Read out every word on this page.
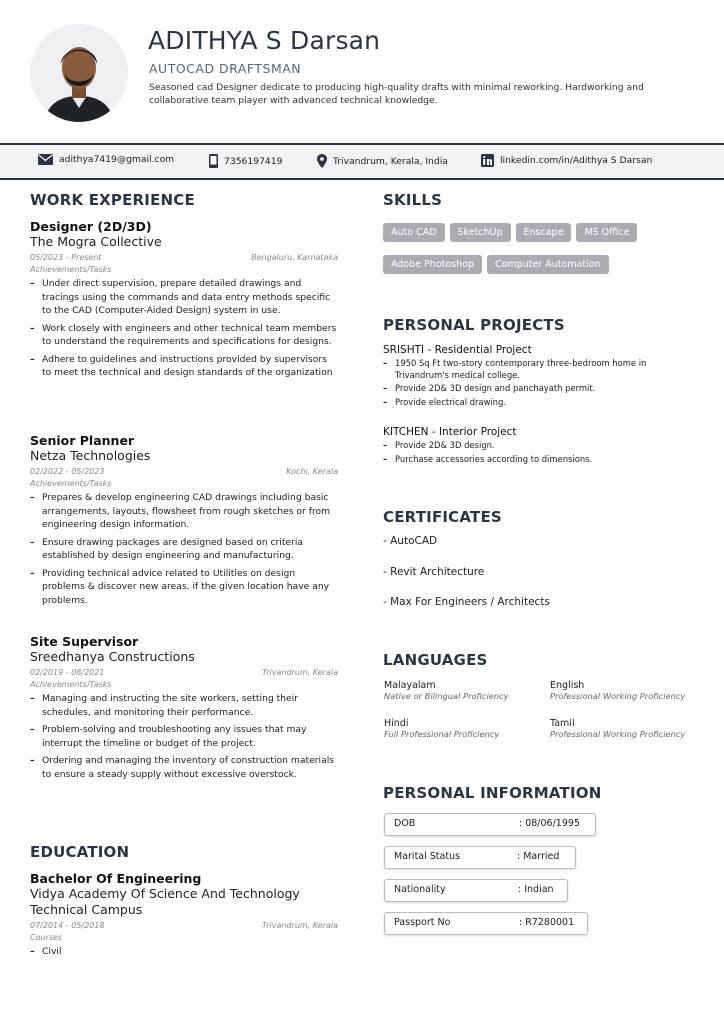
ADITHYA S Darsan
AUTOCAD DRAFTSMAN
Seasoned cad Designer dedicate to producing high-quality drafts with minimal reworking. Hardworking and collaborative team player with advanced technical knowledge.
adithya7419@gmail.com	7356197419	Trivandrum, Kerala, India	linkedin.com/in/Adithya S Darsan
WORK EXPERIENCE
Designer (2D/3D)
The Mogra Collective
05/2023 - Present	Bengaluru, Karnataka
Achievements/Tasks
– Under direct supervision, prepare detailed drawings and tracings using the commands and data entry methods specific to the CAD (Computer-Aided Design) system in use.
– Work closely with engineers and other technical team members to understand the requirements and specifications for designs.
– Adhere to guidelines and instructions provided by supervisors to meet the technical and design standards of the organization
Senior Planner
Netza Technologies
02/2022 - 05/2023	Kochi, Kerala
Achievements/Tasks
– Prepares & develop engineering CAD drawings including basic arrangements, layouts, flowsheet from rough sketches or from engineering design information.
– Ensure drawing packages are designed based on criteria established by design engineering and manufacturing.
– Providing technical advice related to Utilities on design problems & discover new areas, if the given location have any problems.
Site Supervisor
Sreedhanya Constructions
02/2019 - 08/2021	Trivandrum, Kerala
Achievements/Tasks
– Managing and instructing the site workers, setting their schedules, and monitoring their performance.
– Problem-solving and troubleshooting any issues that may interrupt the timeline or budget of the project.
– Ordering and managing the inventory of construction materials to ensure a steady supply without excessive overstock.
EDUCATION
Bachelor Of Engineering
Vidya Academy Of Science And Technology Technical Campus
07/2014 - 05/2018	Trivandrum, Kerala
Courses
– Civil
SKILLS
Auto CAD SketchUp Enscape MS Office
Adobe Photoshop Computer Automation
PERSONAL PROJECTS
SRISHTI - Residential Project
– 1950 Sq Ft two-story contemporary three-bedroom home in Trivandrum's medical college.
– Provide 2D& 3D design and panchayath permit.
– Provide electrical drawing.
KITCHEN - Interior Project
– Provide 2D& 3D design.
– Purchase accessories according to dimensions.
CERTIFICATES
- AutoCAD
- Revit Architecture
- Max For Engineers / Architects
LANGUAGES
Malayalam
Native or Bilingual Proficiency
English
Professional Working Proficiency
Hindi
Full Professional Proficiency
Tamil
Professional Working Proficiency
PERSONAL INFORMATION
DOB	: 08/06/1995
Marital Status	: Married
Nationality	: Indian
Passport No	: R7280001
